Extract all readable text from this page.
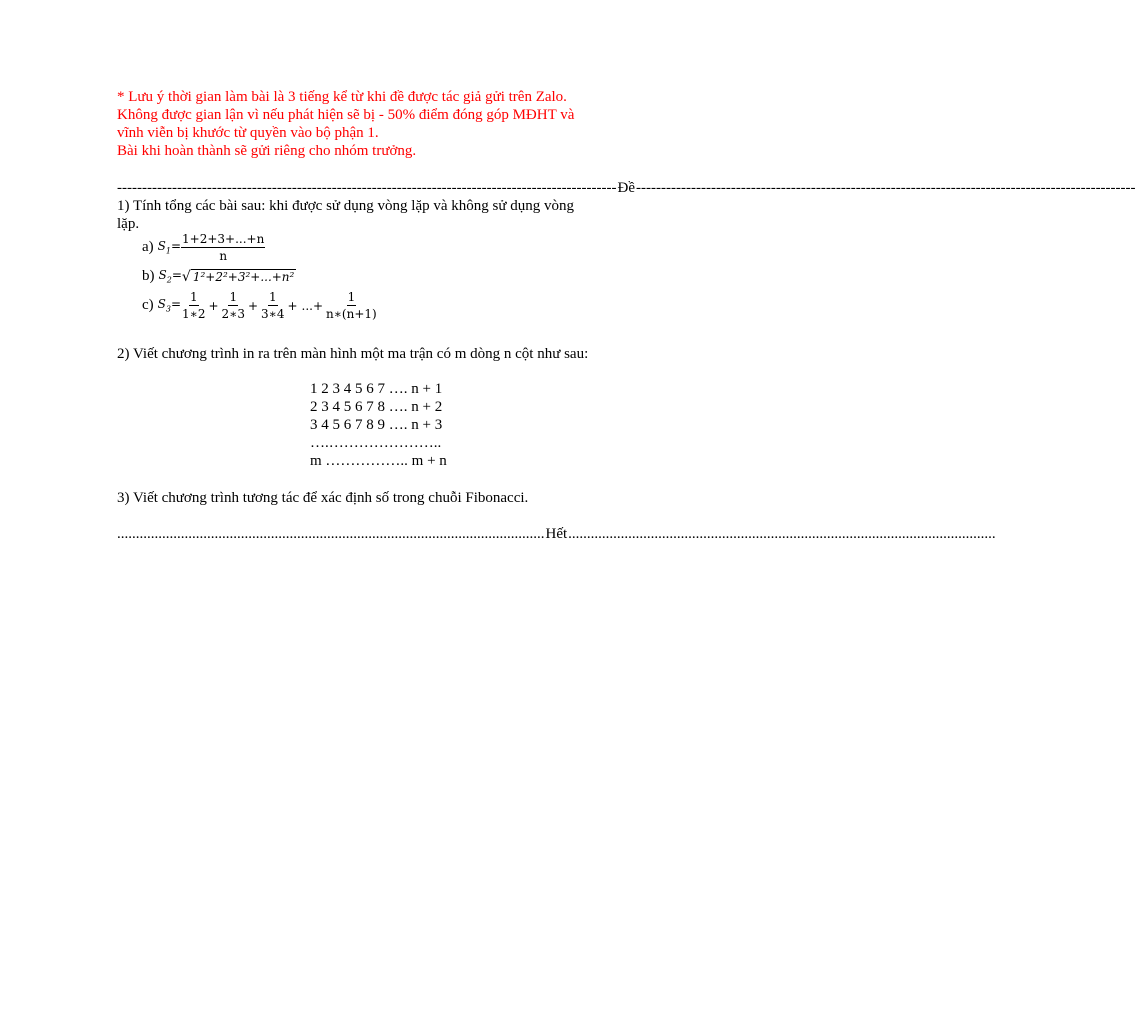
* Lưu ý thời gian làm bài là 3 tiếng kể từ khi đề được tác giả gửi trên Zalo.
Không được gian lận vì nếu phát hiện sẽ bị - 50% điểm đóng góp MĐHT và
vĩnh viễn bị khước từ quyền vào bộ phận 1.
Bài khi hoàn thành sẽ gửi riêng cho nhóm trưởng.
---------------------------------------------------------------------------------------------------- Đề ----------------------------------------------------------------------------------------------------
1) Tính tổng các bài sau: khi được sử dụng vòng lặp và không sử dụng vòng
lặp.
a) $S_1= \frac{1+2+3+...+n}{n}$
b) $S_2=$ √ 1²+2²+3²+...+n²
c) $S_3= \frac{1}{1∗2} + \frac{1}{2∗3} + \frac{1}{3∗4}$ + ...+ $\frac{1}{n∗(n+1)}$
2) Viết chương trình in ra trên màn hình một ma trận có m dòng n cột như sau:
1 2 3 4 5 6 7 …. n + 1
2 3 4 5 6 7 8 …. n + 2
3 4 5 6 7 8 9 …. n + 3
….…………………..
m …………….. m + n
3) Viết chương trình tương tác để xác định số trong chuỗi Fibonacci.
.................................................................................................................. Hết ..................................................................................................................
